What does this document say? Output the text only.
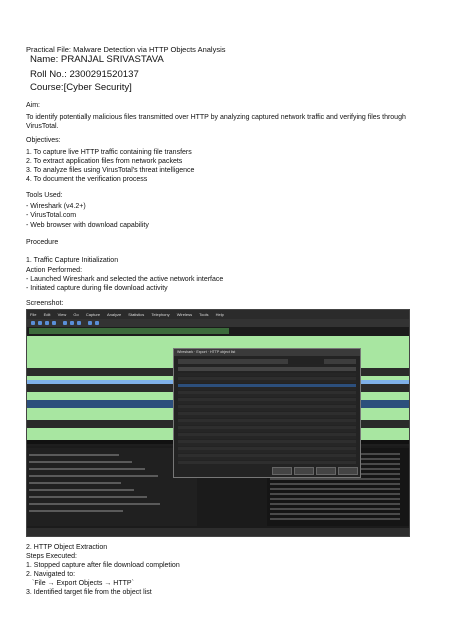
Practical File: Malware Detection via HTTP Objects Analysis
Name: PRANJAL SRIVASTAVA
Roll No.: 2300291520137
Course:[Cyber Security]
Aim:
To identify potentially malicious files transmitted over HTTP by analyzing captured network traffic and verifying files through
VirusTotal.
Objectives:
1. To capture live HTTP traffic containing file transfers
2. To extract application files from network packets
3. To analyze files using VirusTotal's threat intelligence
4. To document the verification process
Tools Used:
- Wireshark (v4.2+)
- VirusTotal.com
- Web browser with download capability
Procedure
1. Traffic Capture Initialization
Action Performed:
- Launched Wireshark and selected the active network interface
- Initiated capture during file download activity
Screenshot:
File Edit View Go Capture Analyze Statistics Telephony Wireless Tools Help
Wireshark · Export · HTTP object list
2. HTTP Object Extraction
Steps Executed:
1. Stopped capture after file download completion
2. Navigated to:
`File → Export Objects → HTTP`
3. Identified target file from the object list
